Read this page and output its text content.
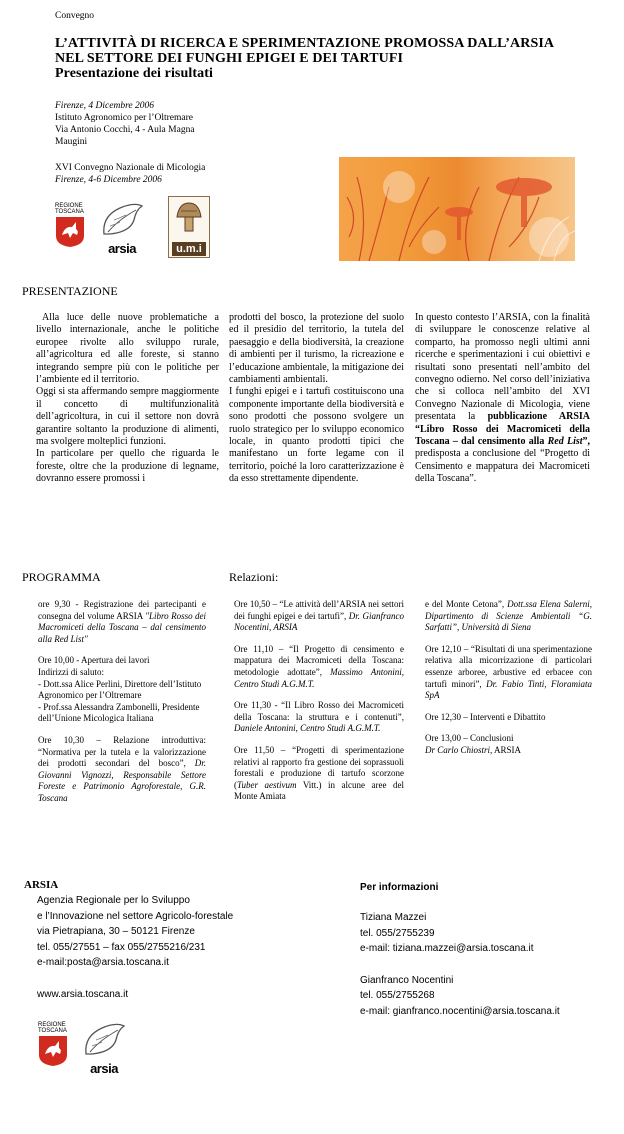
Convegno
L’ATTIVITÀ DI RICERCA E SPERIMENTAZIONE PROMOSSA DALL’ARSIA
NEL SETTORE DEI FUNGHI EPIGEI E DEI TARTUFI
Presentazione dei risultati
Firenze, 4 Dicembre 2006
Istituto Agronomico per l’Oltremare
Via Antonio Cocchi, 4 - Aula Magna
Maugini
XVI Convegno Nazionale di Micologia
Firenze, 4-6 Dicembre 2006
REGIONE
TOSCANA
arsia	u.m.i
PRESENTAZIONE

Alla luce delle nuove problematiche a livello internazionale, anche le politiche europee rivolte allo sviluppo rurale, all’agricoltura ed alle foreste, si stanno integrando sempre più con le politiche per l’ambiente ed il territorio.

Oggi si sta affermando sempre maggiormente il concetto di multifunzionalità dell’agricoltura, in cui il settore non dovrà garantire soltanto la produzione di alimenti, ma svolgere molteplici funzioni.

In particolare per quello che riguarda le foreste, oltre che la produzione di legname, dovranno essere promossi i

prodotti del bosco, la protezione del suolo ed il presidio del territorio, la tutela del paesaggio e della biodiversità, la creazione di ambienti per il turismo, la ricreazione e l’educazione ambientale, la mitigazione dei cambiamenti ambientali.

I funghi epigei e i tartufi costituiscono una componente importante della biodiversità e sono prodotti che possono svolgere un ruolo strategico per lo sviluppo economico locale, in quanto prodotti tipici che manifestano un forte legame con il territorio, poiché la loro caratterizzazione è da esso strettamente dipendente.

In questo contesto l’ARSIA, con la finalità di sviluppare le conoscenze relative al comparto, ha promosso negli ultimi anni ricerche e sperimentazioni i cui obiettivi e risultati sono presentati nell’ambito del convegno odierno. Nel corso dell’iniziativa che si colloca nell’ambito del XVI Convegno Nazionale di Micologia, viene presentata la pubblicazione ARSIA “Libro Rosso dei Macromiceti della Toscana – dal censimento alla Red List”, predisposta a conclusione del “Progetto di Censimento e mappatura dei Macromiceti della Toscana”.
PROGRAMMA	Relazioni:

ore 9,30 - Registrazione dei partecipanti e consegna del volume ARSIA "Libro Rosso dei Macromiceti della Toscana – dal censimento alla Red List"

Ore 10,00 - Apertura dei lavori

Indirizzi di saluto:

- Dott.ssa Alice Perlini, Direttore dell’Istituto Agronomico per l’Oltremare

- Prof.ssa Alessandra Zambonelli, Presidente dell’Unione Micologica Italiana

Ore 10,30 – Relazione introduttiva: “Normativa per la tutela e la valorizzazione dei prodotti secondari del bosco”, Dr. Giovanni Vignozzi, Responsabile Settore Foreste e Patrimonio Agroforestale, G.R. Toscana

Ore 10,50 – “Le attività dell’ARSIA nei settori dei funghi epigei e dei tartufi”, Dr. Gianfranco Nocentini, ARSIA

Ore 11,10 – “Il Progetto di censimento e mappatura dei Macromiceti della Toscana: metodologie adottate”, Massimo Antonini, Centro Studi A.G.M.T.

Ore 11,30 - “Il Libro Rosso dei Macromiceti della Toscana: la struttura e i contenuti”, Daniele Antonini, Centro Studi A.G.M.T.

Ore 11,50 – “Progetti di sperimentazione relativi al rapporto fra gestione dei soprassuoli forestali e produzione di tartufo scorzone (Tuber aestivum Vitt.) in alcune aree del Monte Amiata

e del Monte Cetona”, Dott.ssa Elena Salerni, Dipartimento di Scienze Ambientali “G. Sarfatti”, Università di Siena

Ore 12,10 – “Risultati di una sperimentazione relativa alla micorrizazione di particolari essenze arboree, arbustive ed erbacee con tartufi minori”, Dr. Fabio Tinti, Floramiata SpA

Ore 12,30 – Interventi e Dibattito

Ore 13,00 – Conclusioni

Dr Carlo Chiostri, ARSIA

ARSIA
Agenzia Regionale per lo Sviluppo
e l’Innovazione nel settore Agricolo-forestale
via Pietrapiana, 30 – 50121 Firenze
tel. 055/27551 – fax 055/2755216/231
e-mail:posta@arsia.toscana.it
www.arsia.toscana.it
REGIONE
TOSCANA
arsia
Per informazioni
Tiziana Mazzei
tel. 055/2755239
e-mail: tiziana.mazzei@arsia.toscana.it
Gianfranco Nocentini
tel. 055/2755268
e-mail: gianfranco.nocentini@arsia.toscana.it
